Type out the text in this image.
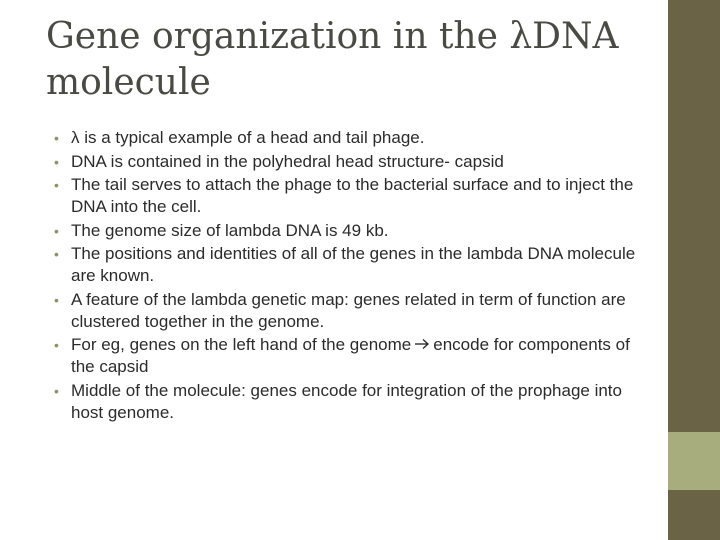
Gene organization in the λDNA molecule
• λ is a typical example of a head and tail phage.
• DNA is contained in the polyhedral head structure- capsid
• The tail serves to attach the phage to the bacterial surface and to inject the DNA into the cell.
• The genome size of lambda DNA is 49 kb.
• The positions and identities of all of the genes in the lambda DNA molecule are known.
• A feature of the lambda genetic map: genes related in term of function are clustered together in the genome.
• For eg, genes on the left hand of the genome encode for components of the capsid
• Middle of the molecule: genes encode for integration of the prophage into host genome.
